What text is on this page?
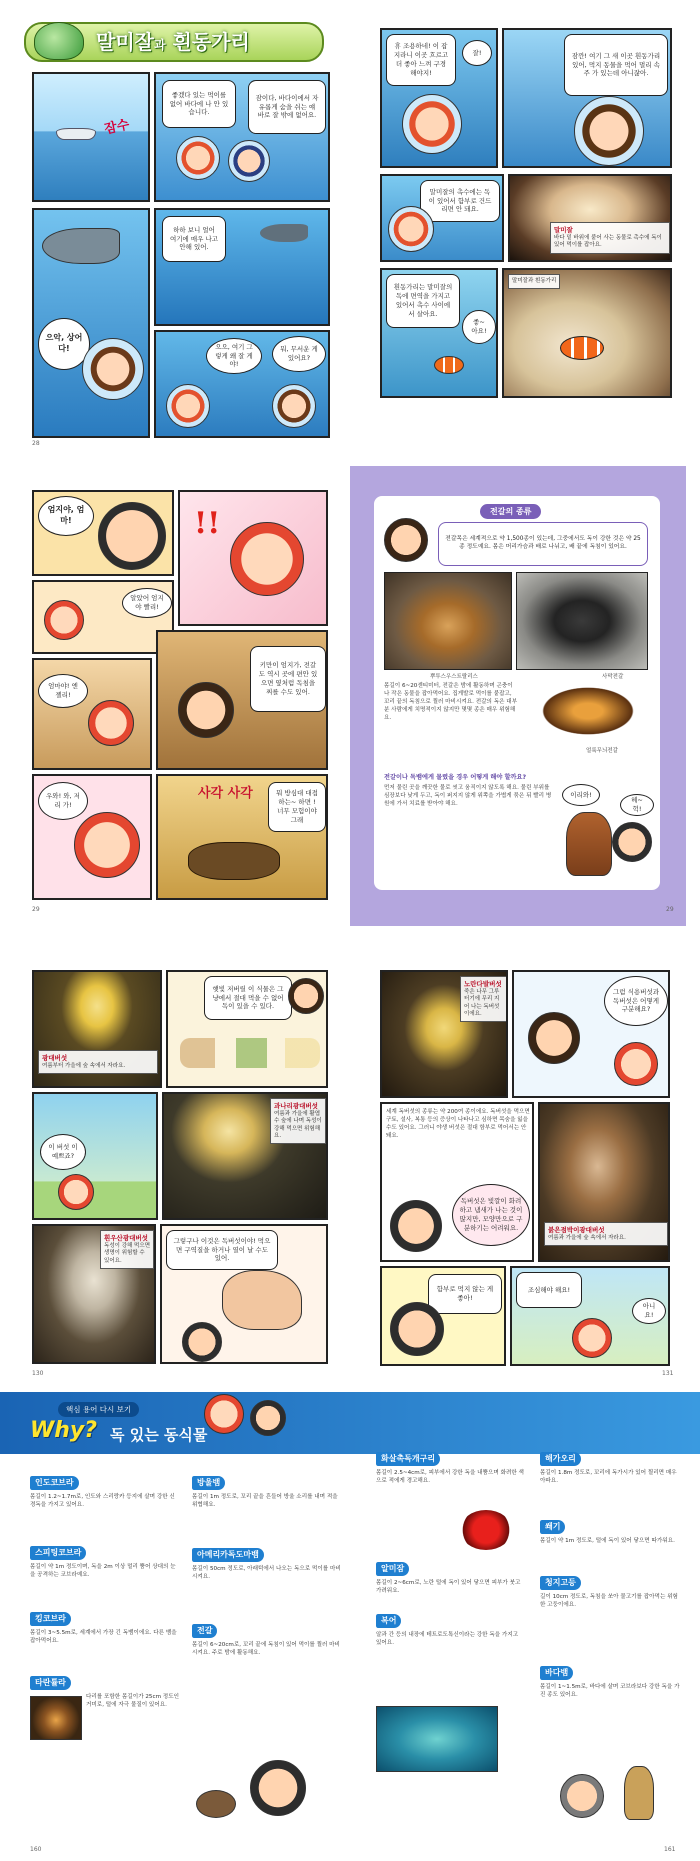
말미잘과 흰동가리
잠수
좋겠다 있는 먹이를 없어 바다에 나 안 있습니다.
잠이다, 바다이에서 자유롭게 숨을 쉬는 얘 바로 잘 밖에 없어요.
으악, 상어다!
하하 보니 얼어 여기에 매우 나고 안해 있어.
으으, 여기 그렇게 왜 잘 게야!
뭐, 무서운 게 있어요?
28
휴 조용하네! 이 잡지라니 이곳 흐르고 더 좋아 느껴 구경해야지!
잘!	잠깐! 여기 그 새 이곳 흰동가리 있어, 먹지 동물을 먹어 멀리 속 주 가 있는데 아니잖아.
말미잘의 촉수에는 독이 있어서 함부로 건드리면 안 돼요.
말미잘
바다 밑 바위에 붙어 사는 동물로 촉수에 독이 있어 먹이를 잡아요.
흰동가리는 말미잘의 독에 면역을 가지고 있어서 촉수 사이에서 살아요.
좋~ 아요!
말미잘과 흰동가리
엄지야, 엄마!	!!
알았어 엄지야 빨리!
엄마야! 엔젤리!
키만이 엄지가, 전갈도 역시 곳에 편안 있으면 옆처럼 독침을 찌를 수도 있어.
우와! 와, 저리 가!
사각 사각	뭐 방심대 대접 하는~ 하면 ! 너무 모험이야 그래
29
전갈의 종류
전갈목은 세계적으로 약 1,500종이 있는데, 그중에서도 독이 강한 것은 약 25종 정도예요. 몸은 머리가슴과 배로 나뉘고, 배 끝에 독침이 있어요.
뿌투스우스트랄리스	사막전갈
몸길이 6~20센티미터, 전갈은 밤에 활동하며 곤충이나 작은 동물을 잡아먹어요. 집게발로 먹이를 붙잡고, 꼬리 끝의 독침으로 찔러 마비시켜요. 전갈의 독은 대부분 사람에게 치명적이지 않지만 몇몇 종은 매우 위험해요.
얼룩무늬전갈
전갈이나 독뱀에게 물렸을 경우 어떻게 해야 할까요?
먼저 물린 곳을 깨끗한 물로 씻고 움직이지 않도록 해요. 물린 부위를 심장보다 낮게 두고, 독이 퍼지지 않게 위쪽을 가볍게 묶은 뒤 빨리 병원에 가서 치료를 받아야 해요.
이리와!
헤~ 헉!
29
광대버섯
여름부터 가을에 숲 속에서 자라요.
햇빛 저버릴 이 식물은 그냥에서 절대 먹을 수 없어 독이 있을 수 있다.
이 버섯 이 예쁘죠?
과나리광대버섯
여름과 가을에 활엽수 숲에 나며 독성이 강해 먹으면 위험해요.
흰우산광대버섯
독성이 강해 먹으면 생명이 위험할 수 있어요.
그렇구나 이것은 독버섯이야! 먹으면 구역질을 하거나 열이 날 수도 있어.
130
노란다발버섯
죽은 나무 그루터기에 무리 지어 나는 독버섯이에요.
그럼 식용버섯과 독버섯은 어떻게 구분해요?
세계 독버섯의 종류는 약 200여 종이에요. 독버섯을 먹으면 구토, 설사, 복통 등의 증상이 나타나고 심하면 목숨을 잃을 수도 있어요. 그러니 야생 버섯은 절대 함부로 먹어서는 안 돼요.
독버섯은 빛깔이 화려하고 냄새가 나는 것이 많지만, 모양만으로 구분하기는 어려워요.	붉은점박이광대버섯
여름과 가을에 숲 속에서 자라요.
함부로 먹지 않는 게 좋아!
조심해야 해요!
아니요!
131
핵심 용어 다시 보기
Why? 독 있는 동식물
인도코브라
몸길이 1.2~1.7m로, 인도와 스리랑카 등지에 살며 강한 신경독을 가지고 있어요.
스피팅코브라
몸길이 약 1m 정도이며, 독을 2m 이상 멀리 뿜어 상대의 눈을 공격하는 코브라예요.
킹코브라
몸길이 3~5.5m로, 세계에서 가장 긴 독뱀이에요. 다른 뱀을 잡아먹어요.
타란튤라
다리를 포함한 몸길이가 25cm 정도인 거미로, 털에 자극 물질이 있어요.
방울뱀
몸길이 1m 정도로, 꼬리 끝을 흔들어 방울 소리를 내며 적을 위협해요.
아메리카독도마뱀
몸길이 50cm 정도로, 아래턱에서 나오는 독으로 먹이를 마비시켜요.
전갈
몸길이 6~20cm로, 꼬리 끝에 독침이 있어 먹이를 찔러 마비시켜요. 주로 밤에 활동해요.
화살촉독개구리
몸길이 2.5~4cm로, 피부에서 강한 독을 내뿜으며 화려한 색으로 적에게 경고해요.
알미잠
몸길이 2~6cm로, 노란 털에 독이 있어 닿으면 피부가 붓고 가려워요.
복어
알과 간 등의 내장에 테트로도톡신이라는 강한 독을 가지고 있어요.
해가오리
몸길이 1.8m 정도로, 꼬리에 독가시가 있어 찔리면 매우 아파요.
쐐기
몸길이 약 1m 정도로, 털에 독이 있어 닿으면 따가워요.
청지고등
길이 10cm 정도로, 독침을 쏘아 물고기를 잡아먹는 위험한 고둥이에요.
바다뱀
몸길이 1~1.5m로, 바다에 살며 코브라보다 강한 독을 가진 종도 있어요.
160	161
